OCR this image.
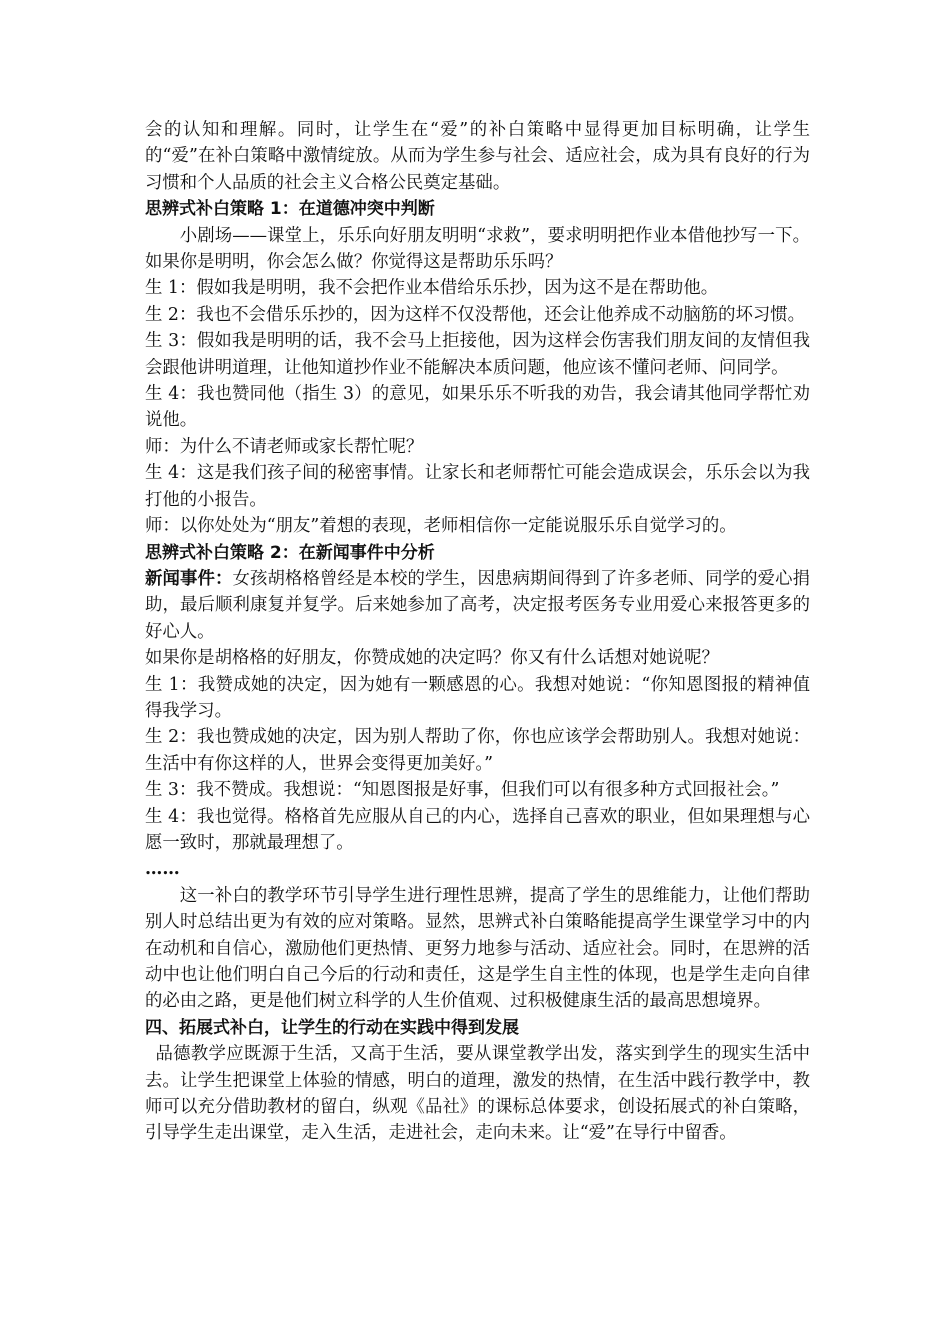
会的认知和理解。同时，让学生在“爱”的补白策略中显得更加目标明确，让学生的“爱”在补白策略中激情绽放。从而为学生参与社会、适应社会，成为具有良好的行为习惯和个人品质的社会主义合格公民奠定基础。

思辨式补白策略 1：在道德冲突中判断

小剧场——课堂上，乐乐向好朋友明明“求救”，要求明明把作业本借他抄写一下。如果你是明明，你会怎么做？你觉得这是帮助乐乐吗？

生 1：假如我是明明，我不会把作业本借给乐乐抄，因为这不是在帮助他。

生 2：我也不会借乐乐抄的，因为这样不仅没帮他，还会让他养成不动脑筋的坏习惯。

生 3：假如我是明明的话，我不会马上拒接他，因为这样会伤害我们朋友间的友情但我会跟他讲明道理，让他知道抄作业不能解决本质问题，他应该不懂问老师、问同学。

生 4：我也赞同他（指生 3）的意见，如果乐乐不听我的劝告，我会请其他同学帮忙劝说他。

师：为什么不请老师或家长帮忙呢？

生 4：这是我们孩子间的秘密事情。让家长和老师帮忙可能会造成误会，乐乐会以为我打他的小报告。

师：以你处处为“朋友”着想的表现，老师相信你一定能说服乐乐自觉学习的。

思辨式补白策略 2：在新闻事件中分析

新闻事件：女孩胡格格曾经是本校的学生，因患病期间得到了许多老师、同学的爱心捐助，最后顺利康复并复学。后来她参加了高考，决定报考医务专业用爱心来报答更多的好心人。

如果你是胡格格的好朋友，你赞成她的决定吗？你又有什么话想对她说呢？

生 1：我赞成她的决定，因为她有一颗感恩的心。我想对她说：“你知恩图报的精神值得我学习。

生 2：我也赞成她的决定，因为别人帮助了你，你也应该学会帮助别人。我想对她说：生活中有你这样的人，世界会变得更加美好。”

生 3：我不赞成。我想说：“知恩图报是好事，但我们可以有很多种方式回报社会。”

生 4：我也觉得。格格首先应服从自己的内心，选择自己喜欢的职业，但如果理想与心愿一致时，那就最理想了。

……

这一补白的教学环节引导学生进行理性思辨，提高了学生的思维能力，让他们帮助别人时总结出更为有效的应对策略。显然，思辨式补白策略能提高学生课堂学习中的内在动机和自信心，激励他们更热情、更努力地参与活动、适应社会。同时，在思辨的活动中也让他们明白自己今后的行动和责任，这是学生自主性的体现，也是学生走向自律的必由之路，更是他们树立科学的人生价值观、过积极健康生活的最高思想境界。

四、拓展式补白，让学生的行动在实践中得到发展

品德教学应既源于生活，又高于生活，要从课堂教学出发，落实到学生的现实生活中去。让学生把课堂上体验的情感，明白的道理，激发的热情，在生活中践行教学中，教师可以充分借助教材的留白，纵观《品社》的课标总体要求，创设拓展式的补白策略，引导学生走出课堂，走入生活，走进社会，走向未来。让“爱”在导行中留香。
